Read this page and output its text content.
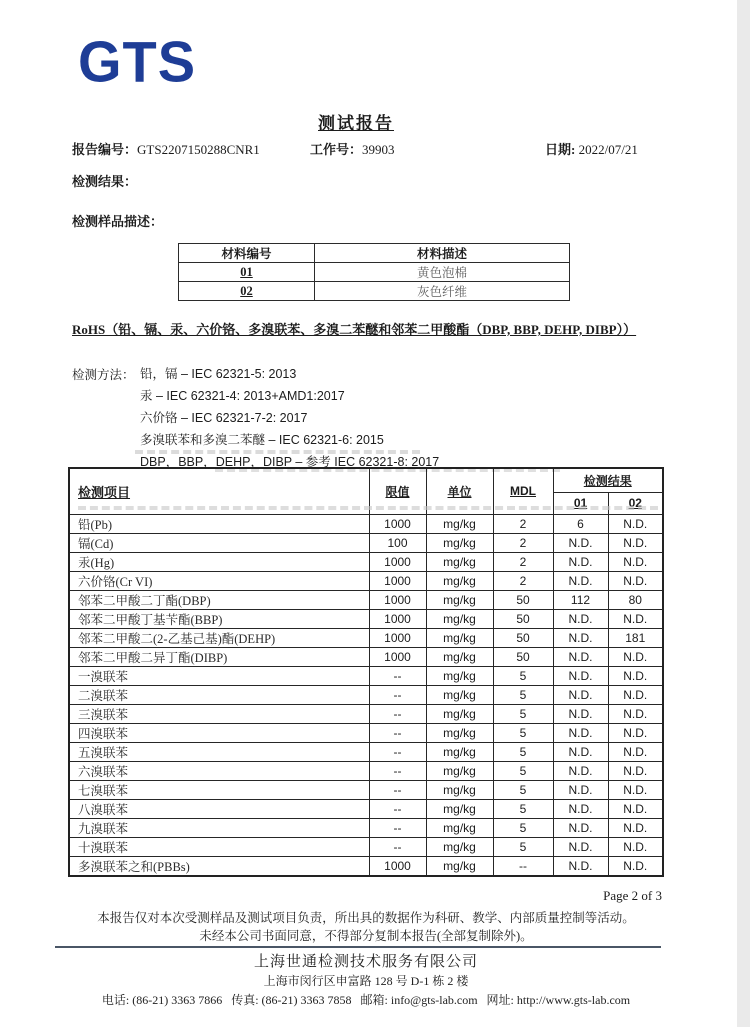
GTS
测试报告
报告编号：GTS2207150288CNR1	工作号：39903	日期: 2022/07/21
检测结果：
检测样品描述：
材料编号	材料描述
01	黄色泡棉
02	灰色纤维
RoHS（铅、镉、汞、六价铬、多溴联苯、多溴二苯醚和邻苯二甲酸酯（DBP, BBP, DEHP, DIBP））
检测方法： 铅，镉 – IEC 62321-5: 2013
汞 – IEC 62321-4: 2013+AMD1:2017
六价铬 – IEC 62321-7-2: 2017
多溴联苯和多溴二苯醚 – IEC 62321-6: 2015
DBP，BBP，DEHP，DIBP – 参考 IEC 62321-8: 2017
检测项目	限值	单位	MDL	检测结果	
				01	02
铅(Pb)	1000	mg/kg	2	6	N.D.
镉(Cd)	100	mg/kg	2	N.D.	N.D.
汞(Hg)	1000	mg/kg	2	N.D.	N.D.
六价铬(Cr VI)	1000	mg/kg	2	N.D.	N.D.
邻苯二甲酸二丁酯(DBP)	1000	mg/kg	50	112	80
邻苯二甲酸丁基苄酯(BBP)	1000	mg/kg	50	N.D.	N.D.
邻苯二甲酸二(2-乙基己基)酯(DEHP)	1000	mg/kg	50	N.D.	181
邻苯二甲酸二异丁酯(DIBP)	1000	mg/kg	50	N.D.	N.D.
一溴联苯	--	mg/kg	5	N.D.	N.D.
二溴联苯	--	mg/kg	5	N.D.	N.D.
三溴联苯	--	mg/kg	5	N.D.	N.D.
四溴联苯	--	mg/kg	5	N.D.	N.D.
五溴联苯	--	mg/kg	5	N.D.	N.D.
六溴联苯	--	mg/kg	5	N.D.	N.D.
七溴联苯	--	mg/kg	5	N.D.	N.D.
八溴联苯	--	mg/kg	5	N.D.	N.D.
九溴联苯	--	mg/kg	5	N.D.	N.D.
十溴联苯	--	mg/kg	5	N.D.	N.D.
多溴联苯之和(PBBs)	1000	mg/kg	--	N.D.	N.D.
Page 2 of 3
本报告仅对本次受测样品及测试项目负责，所出具的数据作为科研、教学、内部质量控制等活动。
未经本公司书面同意，不得部分复制本报告(全部复制除外)。
上海世通检测技术服务有限公司
上海市闵行区申富路 128 号 D-1 栋 2 楼
电话: (86-21) 3363 7866   传真: (86-21) 3363 7858   邮箱: info@gts-lab.com   网址: http://www.gts-lab.com
